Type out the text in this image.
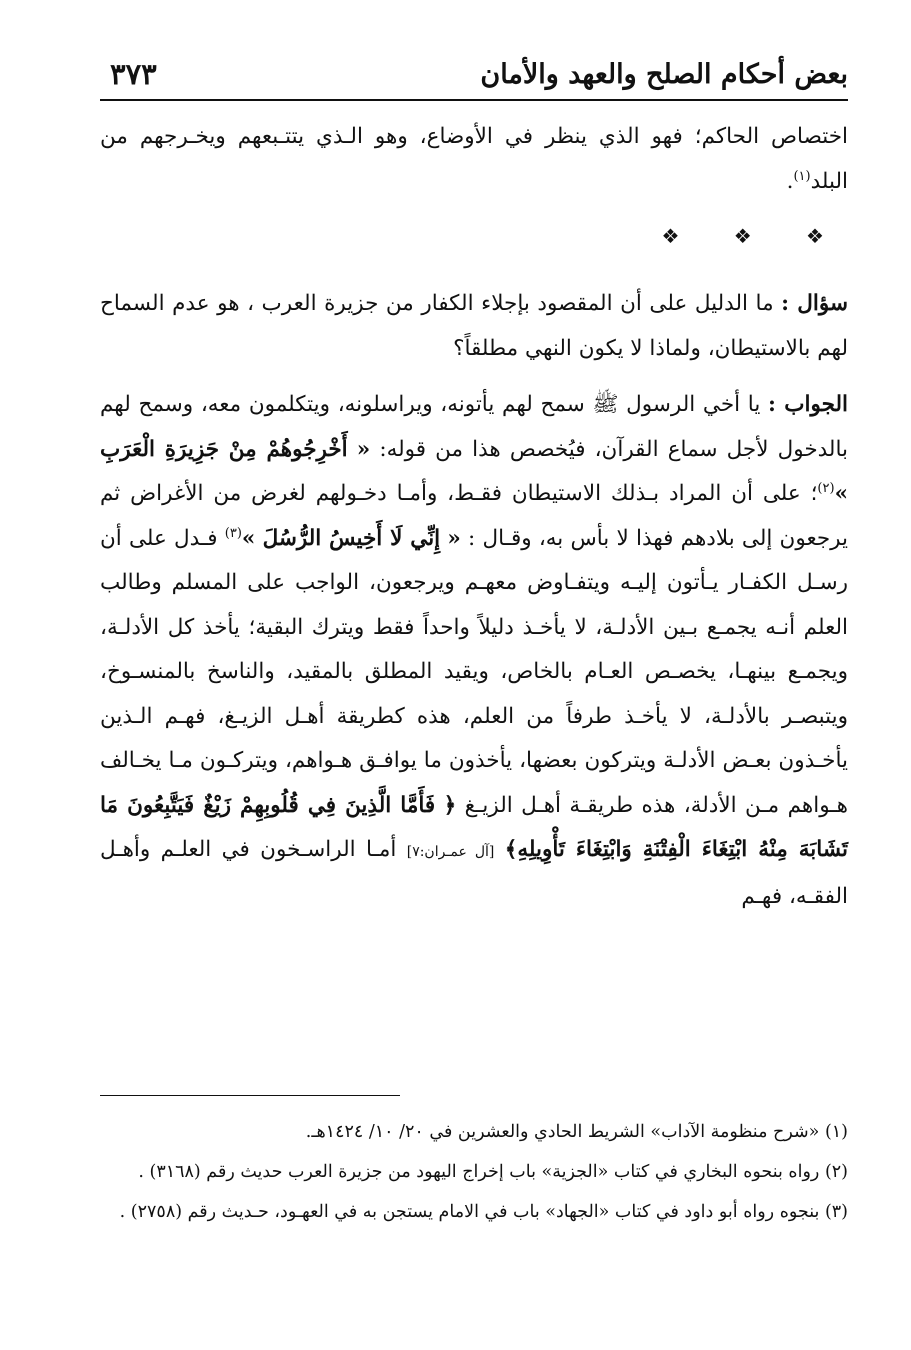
بعض أحكام الصلح والعهد والأمان
٣٧٣

اختصاص الحاكم؛ فهو الذي ينظر في الأوضاع، وهو الـذي يتتـبعهم ويخـرجهم من البلد$^{(١)}$.

❖ ❖ ❖

سؤال : ما الدليل على أن المقصود بإجلاء الكفار من جزيرة العرب ، هو عدم السماح لهم بالاستيطان، ولماذا لا يكون النهي مطلقاً؟

الجواب : يا أخي الرسول ﷺ سمح لهم يأتونه، ويراسلونه، ويتكلمون معه، وسمح لهم بالدخول لأجل سماع القرآن، فيُخصص هذا من قوله: « أَخْرِجُوهُمْ مِنْ جَزِيرَةِ الْعَرَبِ »$^{(٢)}$؛ على أن المراد بـذلك الاستيطان فقـط، وأمـا دخـولهم لغرض من الأغراض ثم يرجعون إلى بلادهم فهذا لا بأس به، وقـال : « إِنِّي لَا أَخِيسُ الرُّسُلَ »$^{(٣)}$ فـدل على أن رسـل الكفـار يـأتون إليـه ويتفـاوض معهـم ويرجعون، الواجب على المسلم وطالب العلم أنـه يجمـع بـين الأدلـة، لا يأخـذ دليلاً واحداً فقط ويترك البقية؛ يأخذ كل الأدلـة، ويجمـع بينهـا، يخصـص العـام بالخاص، ويقيد المطلق بالمقيد، والناسخ بالمنسـوخ، ويتبصـر بالأدلـة، لا يأخـذ طرفاً من العلم، هذه كطريقة أهـل الزيـغ، فهـم الـذين يأخـذون بعـض الأدلـة ويتركون بعضها، يأخذون ما يوافـق هـواهم، ويتركـون مـا يخـالف هـواهم مـن الأدلة، هذه طريقـة أهـل الزيـغ ﴿ فَأَمَّا الَّذِينَ فِي قُلُوبِهِمْ زَيْغٌ فَيَتَّبِعُونَ مَا تَشَابَهَ مِنْهُ ابْتِغَاءَ الْفِتْنَةِ وَابْتِغَاءَ تَأْوِيلِهِ﴾ [آل عمـران:٧] أمـا الراسـخون في العلـم وأهـل الفقـه، فهـم

(١) «شرح منظومة الآداب» الشريط الحادي والعشرين في ٢٠/ ١٠/ ١٤٢٤هـ.

(٢) رواه بنحوه البخاري في كتاب «الجزية» باب إخراج اليهود من جزيرة العرب حديث رقم (٣١٦٨) .

(٣) بنجوه رواه أبو داود في كتاب «الجهاد» باب في الامام يستجن به في العهـود، حـديث رقم (٢٧٥٨) .
